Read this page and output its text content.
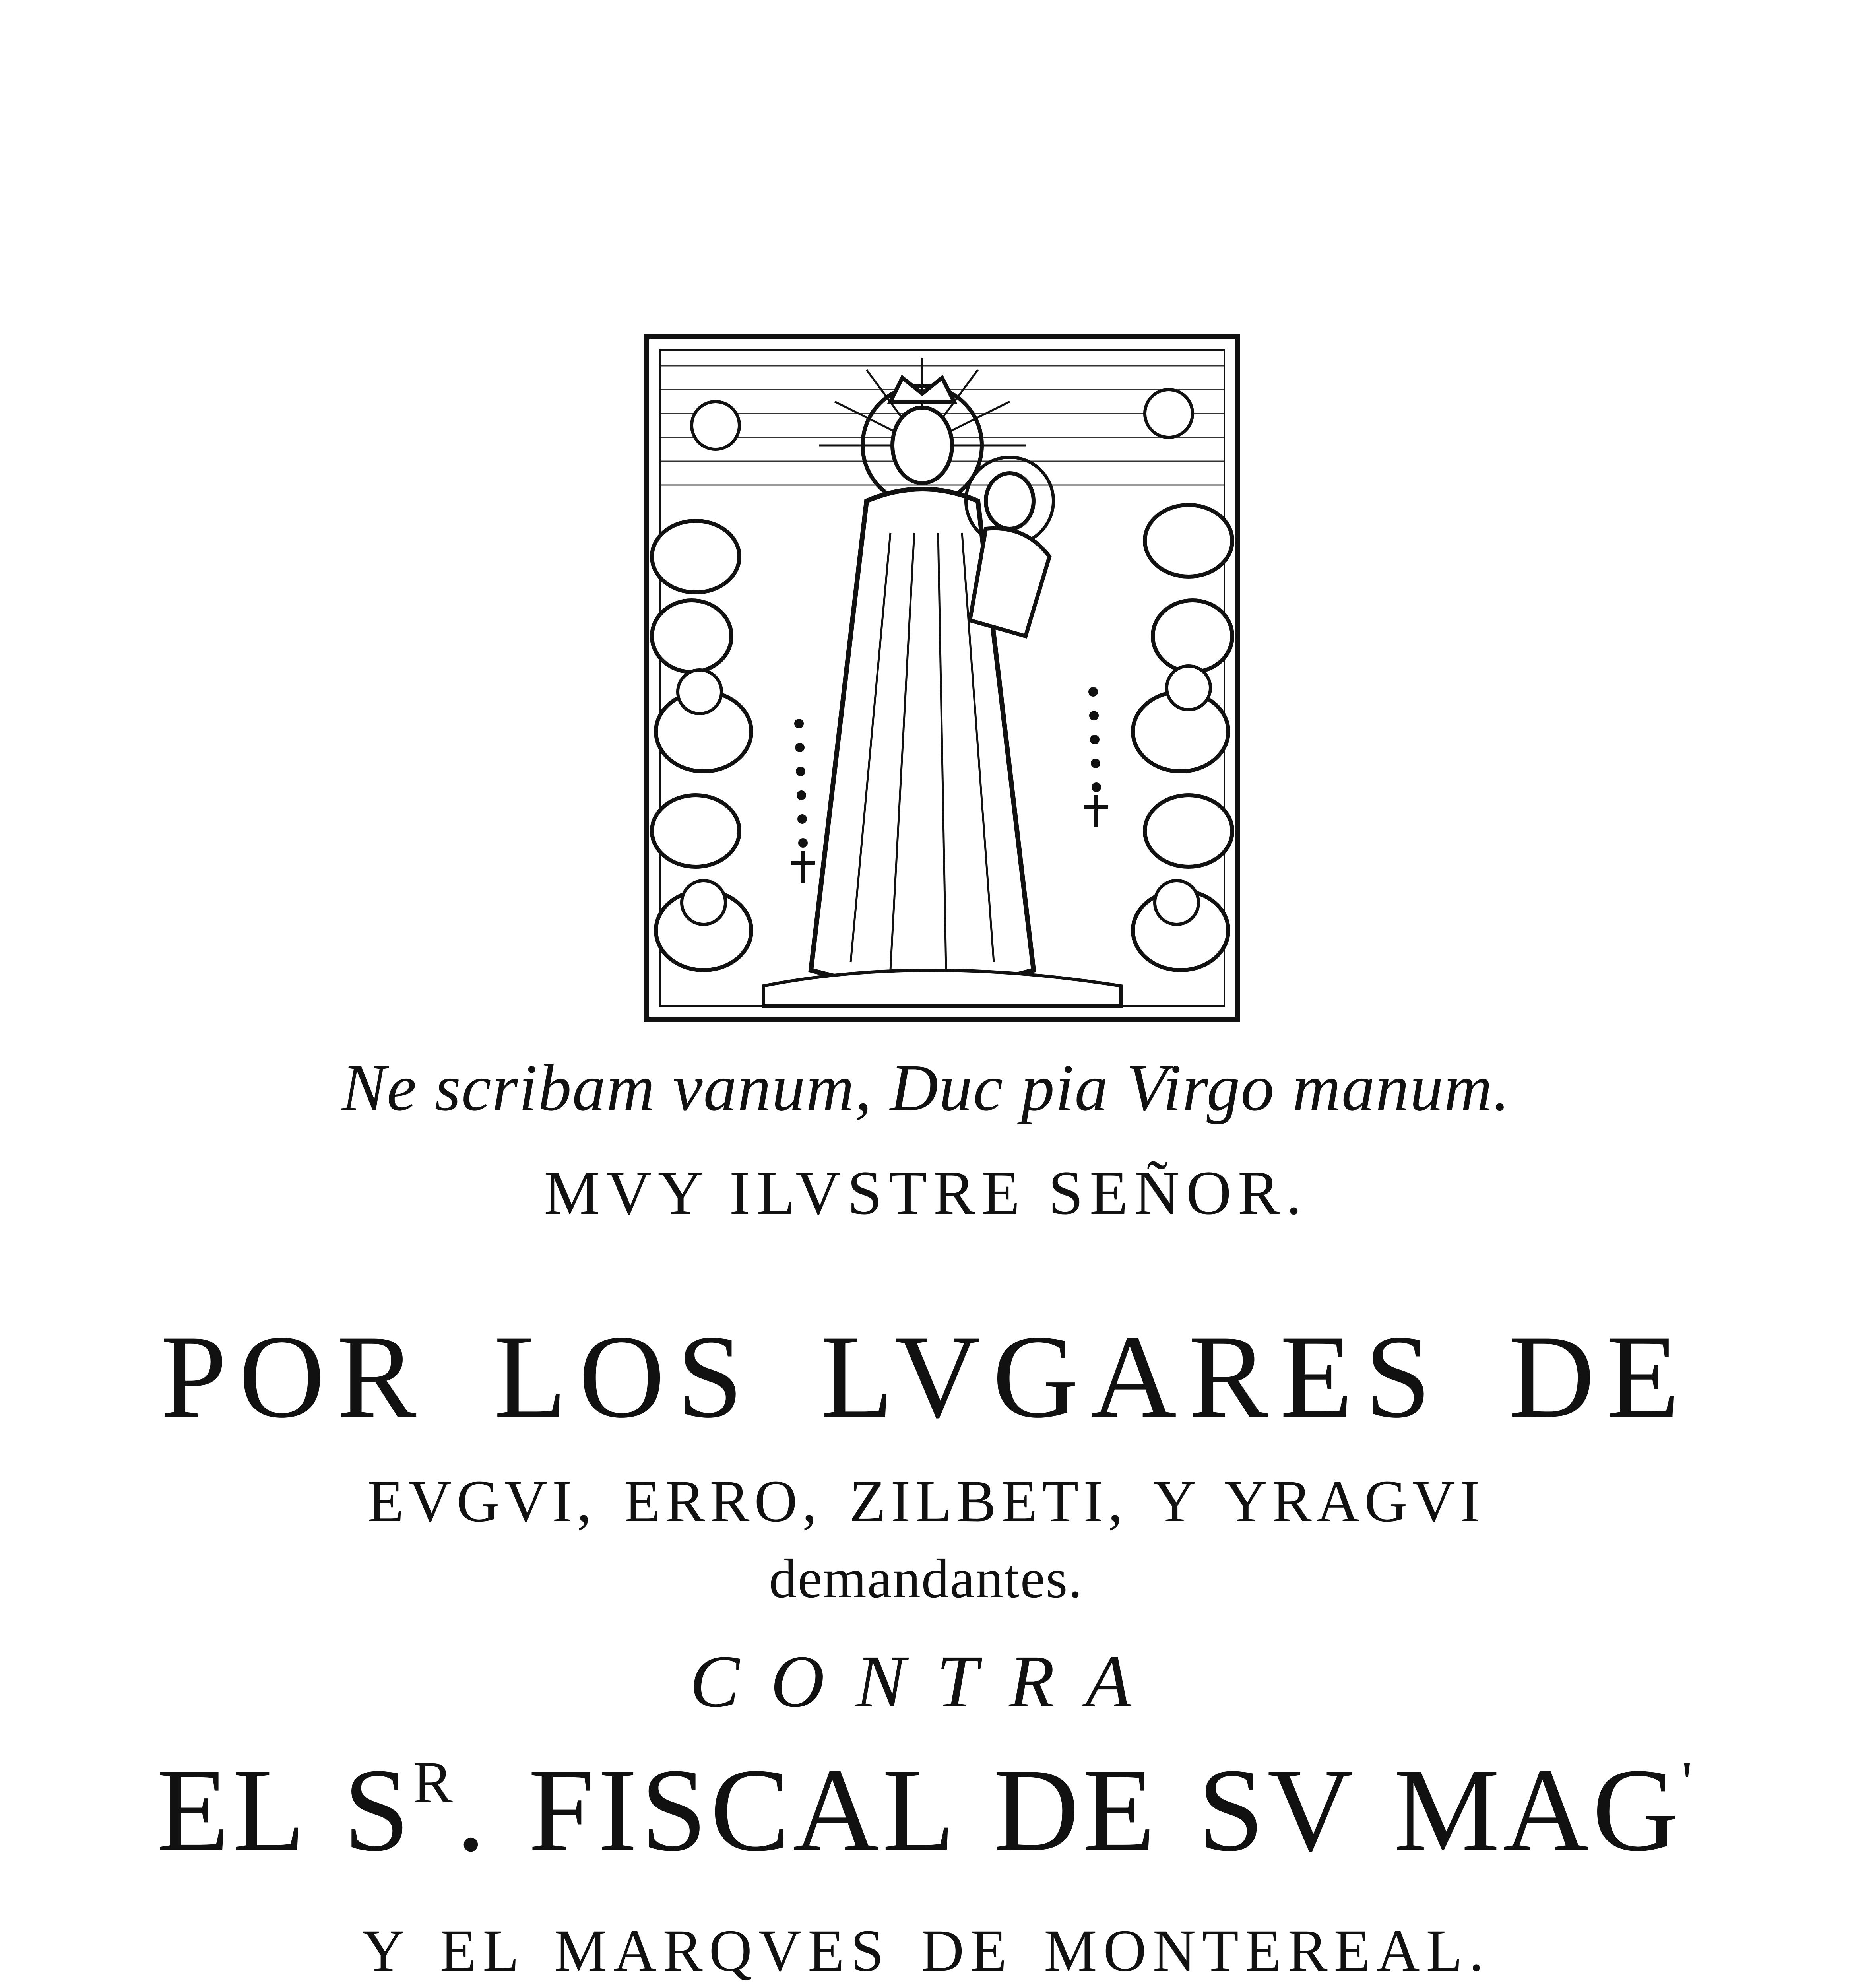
Ne scribam vanum, Duc pia Virgo manum.
MVY ILVSTRE SEÑOR.
POR LOS LVGARES DE
EVGVI, ERRO, ZILBETI, Y YRAGVI
demandantes.
CONTRA
EL $S^R$. FISCAL DE SV MAG'
Y EL MARQVES DE MONTEREAL.
